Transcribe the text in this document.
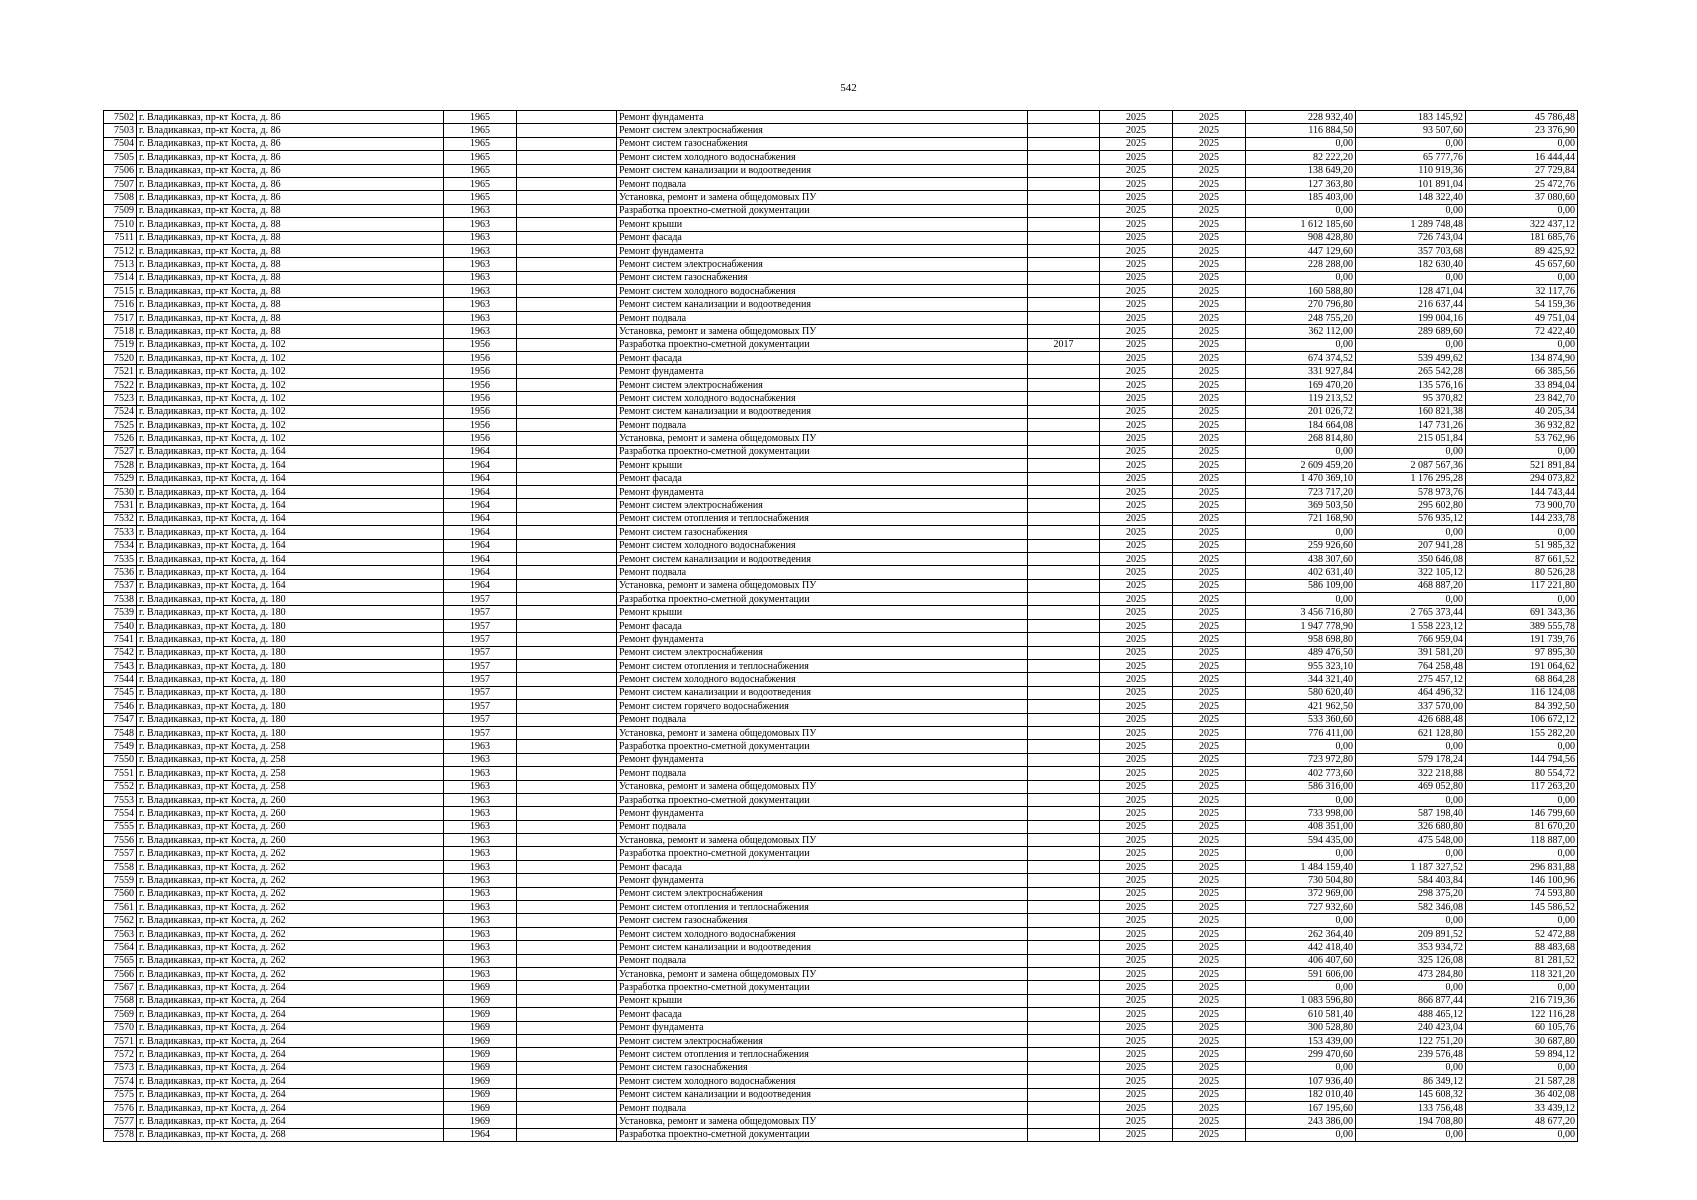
542
7502	г. Владикавказ, пр-кт Коста, д. 86	1965		Ремонт фундамента		2025	2025	228 932,40	183 145,92	45 786,48
7503	г. Владикавказ, пр-кт Коста, д. 86	1965		Ремонт систем электроснабжения		2025	2025	116 884,50	93 507,60	23 376,90
7504	г. Владикавказ, пр-кт Коста, д. 86	1965		Ремонт систем газоснабжения		2025	2025	0,00	0,00	0,00
7505	г. Владикавказ, пр-кт Коста, д. 86	1965		Ремонт систем холодного водоснабжения		2025	2025	82 222,20	65 777,76	16 444,44
7506	г. Владикавказ, пр-кт Коста, д. 86	1965		Ремонт систем канализации и водоотведения		2025	2025	138 649,20	110 919,36	27 729,84
7507	г. Владикавказ, пр-кт Коста, д. 86	1965		Ремонт подвала		2025	2025	127 363,80	101 891,04	25 472,76
7508	г. Владикавказ, пр-кт Коста, д. 86	1965		Установка, ремонт и замена общедомовых ПУ		2025	2025	185 403,00	148 322,40	37 080,60
7509	г. Владикавказ, пр-кт Коста, д. 88	1963		Разработка проектно-сметной документации		2025	2025	0,00	0,00	0,00
7510	г. Владикавказ, пр-кт Коста, д. 88	1963		Ремонт крыши		2025	2025	1 612 185,60	1 289 748,48	322 437,12
7511	г. Владикавказ, пр-кт Коста, д. 88	1963		Ремонт фасада		2025	2025	908 428,80	726 743,04	181 685,76
7512	г. Владикавказ, пр-кт Коста, д. 88	1963		Ремонт фундамента		2025	2025	447 129,60	357 703,68	89 425,92
7513	г. Владикавказ, пр-кт Коста, д. 88	1963		Ремонт систем электроснабжения		2025	2025	228 288,00	182 630,40	45 657,60
7514	г. Владикавказ, пр-кт Коста, д. 88	1963		Ремонт систем газоснабжения		2025	2025	0,00	0,00	0,00
7515	г. Владикавказ, пр-кт Коста, д. 88	1963		Ремонт систем холодного водоснабжения		2025	2025	160 588,80	128 471,04	32 117,76
7516	г. Владикавказ, пр-кт Коста, д. 88	1963		Ремонт систем канализации и водоотведения		2025	2025	270 796,80	216 637,44	54 159,36
7517	г. Владикавказ, пр-кт Коста, д. 88	1963		Ремонт подвала		2025	2025	248 755,20	199 004,16	49 751,04
7518	г. Владикавказ, пр-кт Коста, д. 88	1963		Установка, ремонт и замена общедомовых ПУ		2025	2025	362 112,00	289 689,60	72 422,40
7519	г. Владикавказ, пр-кт Коста, д. 102	1956		Разработка проектно-сметной документации	2017	2025	2025	0,00	0,00	0,00
7520	г. Владикавказ, пр-кт Коста, д. 102	1956		Ремонт фасада		2025	2025	674 374,52	539 499,62	134 874,90
7521	г. Владикавказ, пр-кт Коста, д. 102	1956		Ремонт фундамента		2025	2025	331 927,84	265 542,28	66 385,56
7522	г. Владикавказ, пр-кт Коста, д. 102	1956		Ремонт систем электроснабжения		2025	2025	169 470,20	135 576,16	33 894,04
7523	г. Владикавказ, пр-кт Коста, д. 102	1956		Ремонт систем холодного водоснабжения		2025	2025	119 213,52	95 370,82	23 842,70
7524	г. Владикавказ, пр-кт Коста, д. 102	1956		Ремонт систем канализации и водоотведения		2025	2025	201 026,72	160 821,38	40 205,34
7525	г. Владикавказ, пр-кт Коста, д. 102	1956		Ремонт подвала		2025	2025	184 664,08	147 731,26	36 932,82
7526	г. Владикавказ, пр-кт Коста, д. 102	1956		Установка, ремонт и замена общедомовых ПУ		2025	2025	268 814,80	215 051,84	53 762,96
7527	г. Владикавказ, пр-кт Коста, д. 164	1964		Разработка проектно-сметной документации		2025	2025	0,00	0,00	0,00
7528	г. Владикавказ, пр-кт Коста, д. 164	1964		Ремонт крыши		2025	2025	2 609 459,20	2 087 567,36	521 891,84
7529	г. Владикавказ, пр-кт Коста, д. 164	1964		Ремонт фасада		2025	2025	1 470 369,10	1 176 295,28	294 073,82
7530	г. Владикавказ, пр-кт Коста, д. 164	1964		Ремонт фундамента		2025	2025	723 717,20	578 973,76	144 743,44
7531	г. Владикавказ, пр-кт Коста, д. 164	1964		Ремонт систем электроснабжения		2025	2025	369 503,50	295 602,80	73 900,70
7532	г. Владикавказ, пр-кт Коста, д. 164	1964		Ремонт систем отопления и теплоснабжения		2025	2025	721 168,90	576 935,12	144 233,78
7533	г. Владикавказ, пр-кт Коста, д. 164	1964		Ремонт систем газоснабжения		2025	2025	0,00	0,00	0,00
7534	г. Владикавказ, пр-кт Коста, д. 164	1964		Ремонт систем холодного водоснабжения		2025	2025	259 926,60	207 941,28	51 985,32
7535	г. Владикавказ, пр-кт Коста, д. 164	1964		Ремонт систем канализации и водоотведения		2025	2025	438 307,60	350 646,08	87 661,52
7536	г. Владикавказ, пр-кт Коста, д. 164	1964		Ремонт подвала		2025	2025	402 631,40	322 105,12	80 526,28
7537	г. Владикавказ, пр-кт Коста, д. 164	1964		Установка, ремонт и замена общедомовых ПУ		2025	2025	586 109,00	468 887,20	117 221,80
7538	г. Владикавказ, пр-кт Коста, д. 180	1957		Разработка проектно-сметной документации		2025	2025	0,00	0,00	0,00
7539	г. Владикавказ, пр-кт Коста, д. 180	1957		Ремонт крыши		2025	2025	3 456 716,80	2 765 373,44	691 343,36
7540	г. Владикавказ, пр-кт Коста, д. 180	1957		Ремонт фасада		2025	2025	1 947 778,90	1 558 223,12	389 555,78
7541	г. Владикавказ, пр-кт Коста, д. 180	1957		Ремонт фундамента		2025	2025	958 698,80	766 959,04	191 739,76
7542	г. Владикавказ, пр-кт Коста, д. 180	1957		Ремонт систем электроснабжения		2025	2025	489 476,50	391 581,20	97 895,30
7543	г. Владикавказ, пр-кт Коста, д. 180	1957		Ремонт систем отопления и теплоснабжения		2025	2025	955 323,10	764 258,48	191 064,62
7544	г. Владикавказ, пр-кт Коста, д. 180	1957		Ремонт систем холодного водоснабжения		2025	2025	344 321,40	275 457,12	68 864,28
7545	г. Владикавказ, пр-кт Коста, д. 180	1957		Ремонт систем канализации и водоотведения		2025	2025	580 620,40	464 496,32	116 124,08
7546	г. Владикавказ, пр-кт Коста, д. 180	1957		Ремонт систем горячего водоснабжения		2025	2025	421 962,50	337 570,00	84 392,50
7547	г. Владикавказ, пр-кт Коста, д. 180	1957		Ремонт подвала		2025	2025	533 360,60	426 688,48	106 672,12
7548	г. Владикавказ, пр-кт Коста, д. 180	1957		Установка, ремонт и замена общедомовых ПУ		2025	2025	776 411,00	621 128,80	155 282,20
7549	г. Владикавказ, пр-кт Коста, д. 258	1963		Разработка проектно-сметной документации		2025	2025	0,00	0,00	0,00
7550	г. Владикавказ, пр-кт Коста, д. 258	1963		Ремонт фундамента		2025	2025	723 972,80	579 178,24	144 794,56
7551	г. Владикавказ, пр-кт Коста, д. 258	1963		Ремонт подвала		2025	2025	402 773,60	322 218,88	80 554,72
7552	г. Владикавказ, пр-кт Коста, д. 258	1963		Установка, ремонт и замена общедомовых ПУ		2025	2025	586 316,00	469 052,80	117 263,20
7553	г. Владикавказ, пр-кт Коста, д. 260	1963		Разработка проектно-сметной документации		2025	2025	0,00	0,00	0,00
7554	г. Владикавказ, пр-кт Коста, д. 260	1963		Ремонт фундамента		2025	2025	733 998,00	587 198,40	146 799,60
7555	г. Владикавказ, пр-кт Коста, д. 260	1963		Ремонт подвала		2025	2025	408 351,00	326 680,80	81 670,20
7556	г. Владикавказ, пр-кт Коста, д. 260	1963		Установка, ремонт и замена общедомовых ПУ		2025	2025	594 435,00	475 548,00	118 887,00
7557	г. Владикавказ, пр-кт Коста, д. 262	1963		Разработка проектно-сметной документации		2025	2025	0,00	0,00	0,00
7558	г. Владикавказ, пр-кт Коста, д. 262	1963		Ремонт фасада		2025	2025	1 484 159,40	1 187 327,52	296 831,88
7559	г. Владикавказ, пр-кт Коста, д. 262	1963		Ремонт фундамента		2025	2025	730 504,80	584 403,84	146 100,96
7560	г. Владикавказ, пр-кт Коста, д. 262	1963		Ремонт систем электроснабжения		2025	2025	372 969,00	298 375,20	74 593,80
7561	г. Владикавказ, пр-кт Коста, д. 262	1963		Ремонт систем отопления и теплоснабжения		2025	2025	727 932,60	582 346,08	145 586,52
7562	г. Владикавказ, пр-кт Коста, д. 262	1963		Ремонт систем газоснабжения		2025	2025	0,00	0,00	0,00
7563	г. Владикавказ, пр-кт Коста, д. 262	1963		Ремонт систем холодного водоснабжения		2025	2025	262 364,40	209 891,52	52 472,88
7564	г. Владикавказ, пр-кт Коста, д. 262	1963		Ремонт систем канализации и водоотведения		2025	2025	442 418,40	353 934,72	88 483,68
7565	г. Владикавказ, пр-кт Коста, д. 262	1963		Ремонт подвала		2025	2025	406 407,60	325 126,08	81 281,52
7566	г. Владикавказ, пр-кт Коста, д. 262	1963		Установка, ремонт и замена общедомовых ПУ		2025	2025	591 606,00	473 284,80	118 321,20
7567	г. Владикавказ, пр-кт Коста, д. 264	1969		Разработка проектно-сметной документации		2025	2025	0,00	0,00	0,00
7568	г. Владикавказ, пр-кт Коста, д. 264	1969		Ремонт крыши		2025	2025	1 083 596,80	866 877,44	216 719,36
7569	г. Владикавказ, пр-кт Коста, д. 264	1969		Ремонт фасада		2025	2025	610 581,40	488 465,12	122 116,28
7570	г. Владикавказ, пр-кт Коста, д. 264	1969		Ремонт фундамента		2025	2025	300 528,80	240 423,04	60 105,76
7571	г. Владикавказ, пр-кт Коста, д. 264	1969		Ремонт систем электроснабжения		2025	2025	153 439,00	122 751,20	30 687,80
7572	г. Владикавказ, пр-кт Коста, д. 264	1969		Ремонт систем отопления и теплоснабжения		2025	2025	299 470,60	239 576,48	59 894,12
7573	г. Владикавказ, пр-кт Коста, д. 264	1969		Ремонт систем газоснабжения		2025	2025	0,00	0,00	0,00
7574	г. Владикавказ, пр-кт Коста, д. 264	1969		Ремонт систем холодного водоснабжения		2025	2025	107 936,40	86 349,12	21 587,28
7575	г. Владикавказ, пр-кт Коста, д. 264	1969		Ремонт систем канализации и водоотведения		2025	2025	182 010,40	145 608,32	36 402,08
7576	г. Владикавказ, пр-кт Коста, д. 264	1969		Ремонт подвала		2025	2025	167 195,60	133 756,48	33 439,12
7577	г. Владикавказ, пр-кт Коста, д. 264	1969		Установка, ремонт и замена общедомовых ПУ		2025	2025	243 386,00	194 708,80	48 677,20
7578	г. Владикавказ, пр-кт Коста, д. 268	1964		Разработка проектно-сметной документации		2025	2025	0,00	0,00	0,00
